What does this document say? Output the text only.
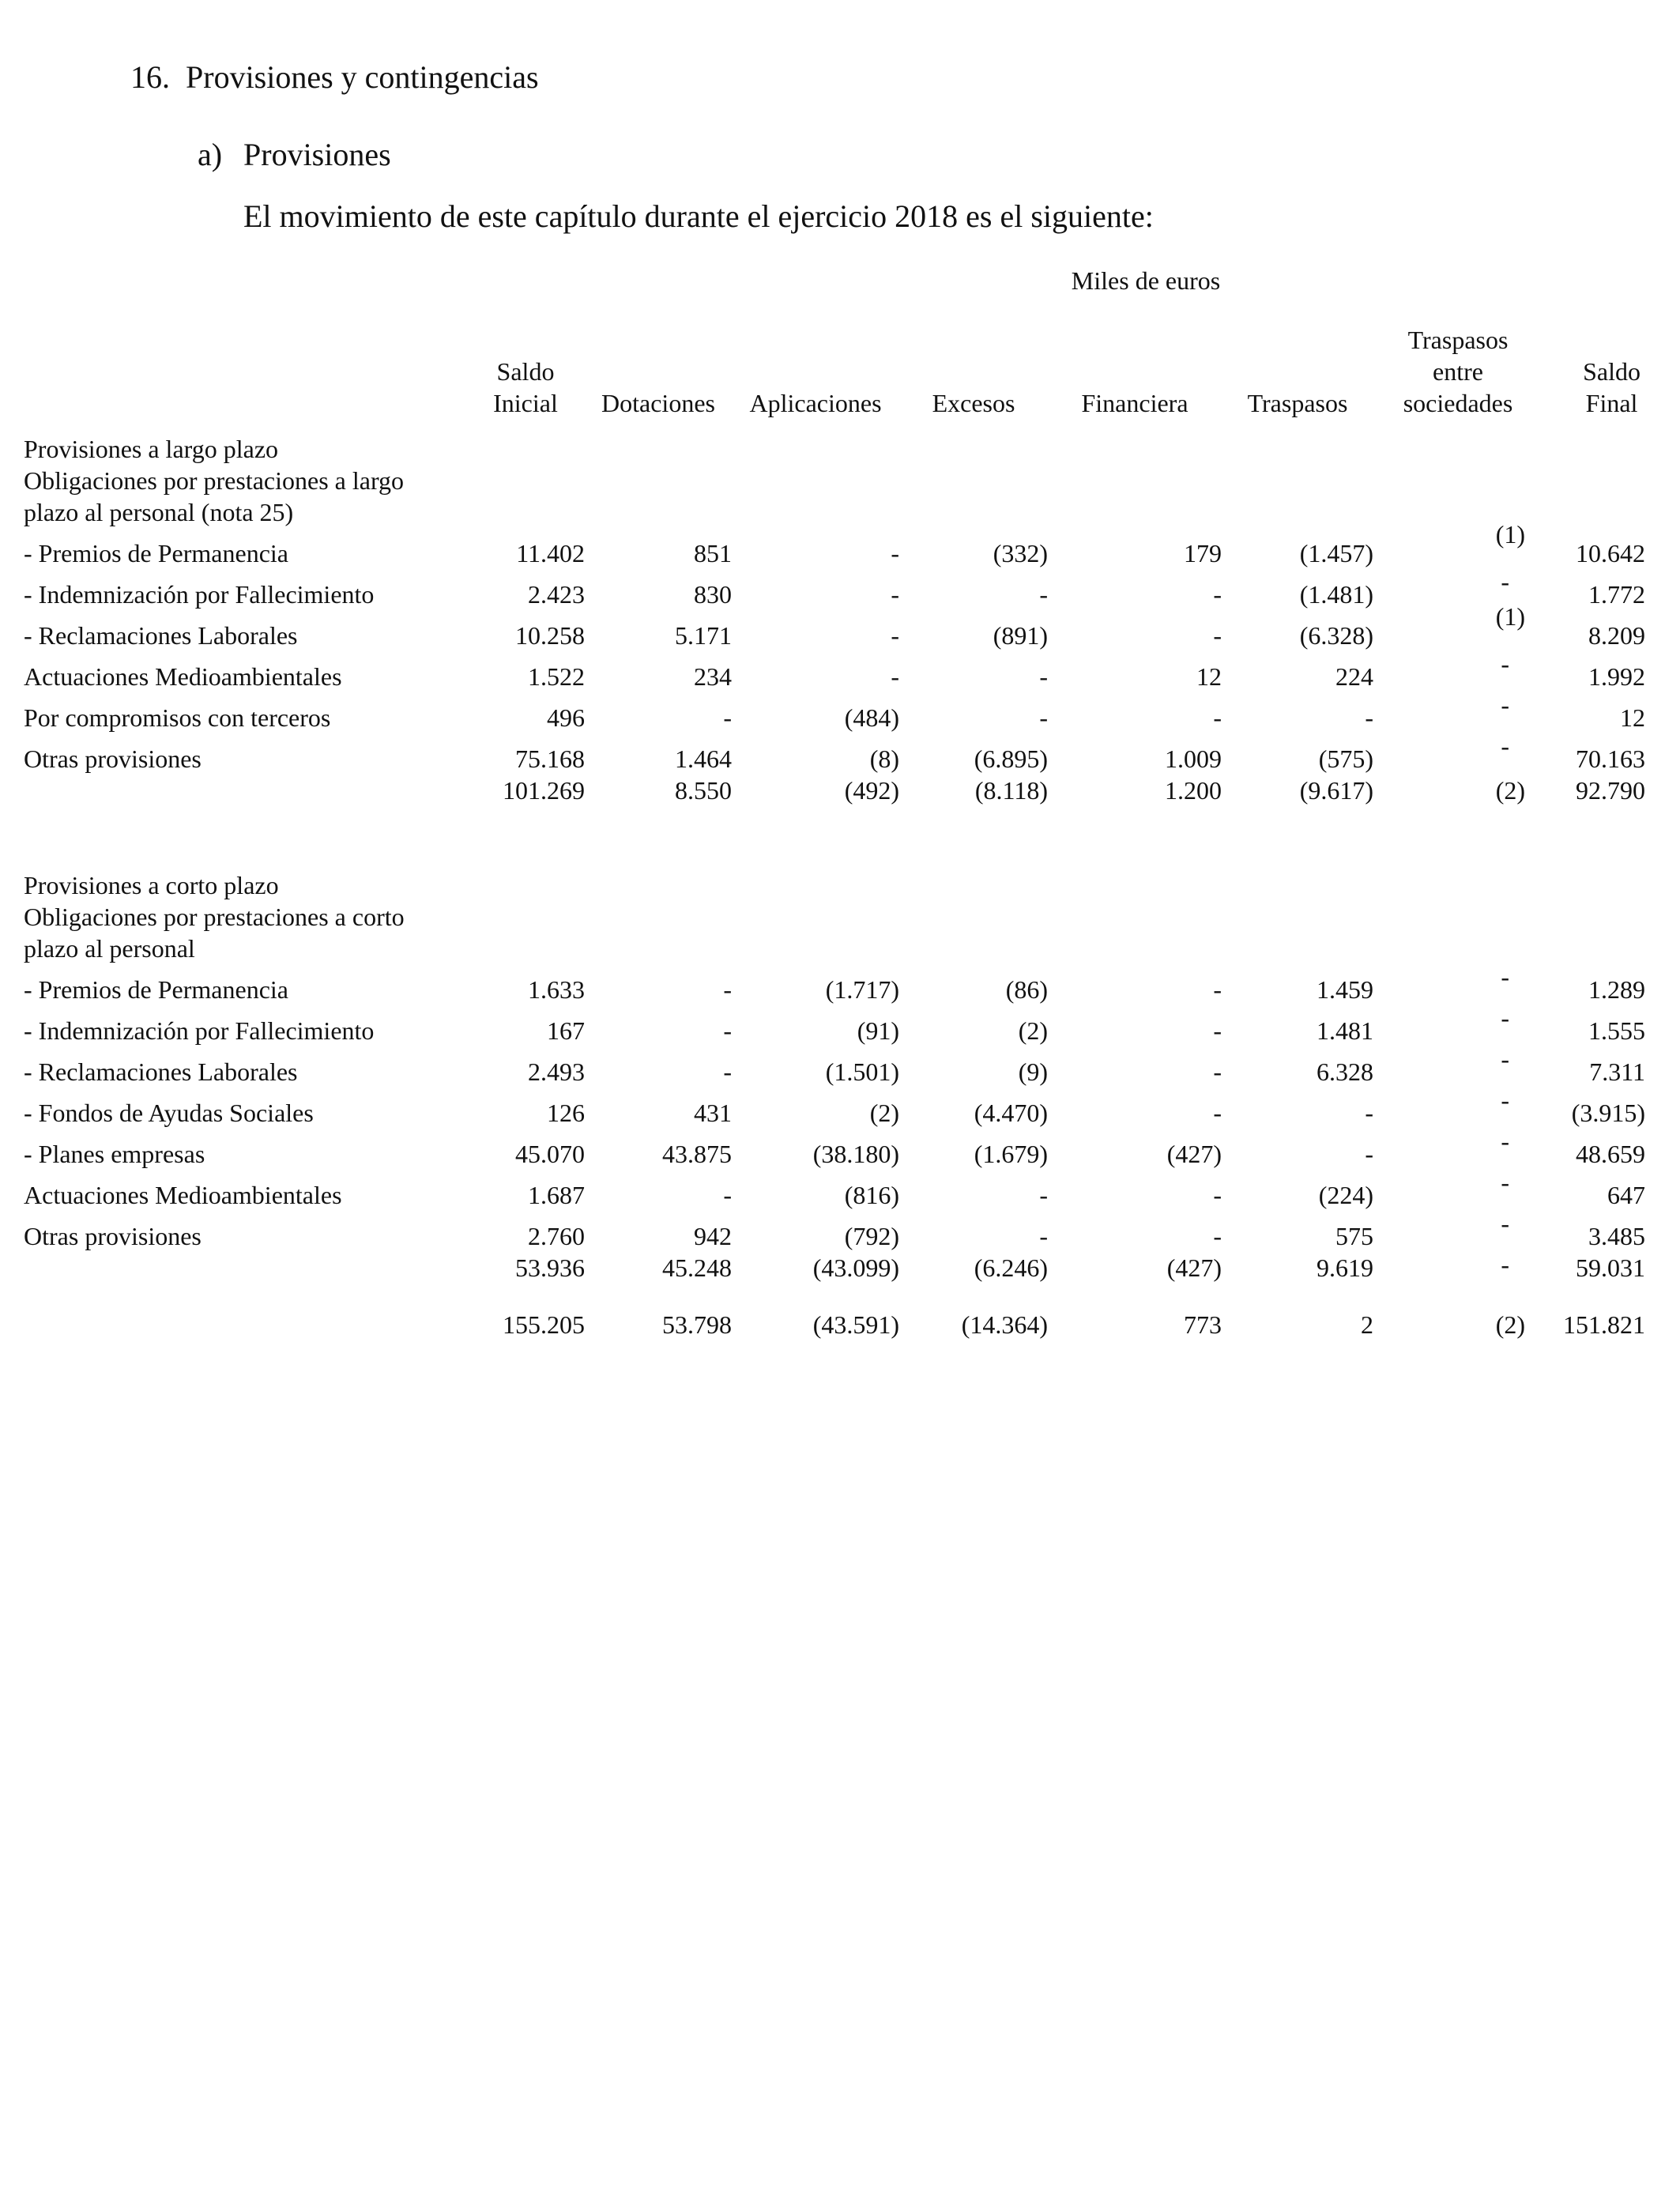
16. Provisiones y contingencias
a) Provisiones

El movimiento de este capítulo durante el ejercicio 2018 es el siguiente:

Miles de euros
	Saldo
Inicial	Dotaciones	Aplicaciones	Excesos	Financiera	Traspasos	Traspasos
entre
sociedades	Saldo
Final
Provisiones a largo plazo								

Obligaciones por prestaciones a largo
plazo al personal (nota 25)								

- Premios de Permanencia	11.402	851	-	(332)	179	(1.457)	(1)	10.642
- Indemnización por Fallecimiento	2.423	830	-	-	-	(1.481)	-	1.772
- Reclamaciones Laborales	10.258	5.171	-	(891)	-	(6.328)	(1)	8.209
Actuaciones Medioambientales	1.522	234	-	-	12	224	-	1.992
Por compromisos con terceros	496	-	(484)	-	-	-	-	12
Otras provisiones	75.168	1.464	(8)	(6.895)	1.009	(575)	-	70.163
	101.269	8.550	(492)	(8.118)	1.200	(9.617)	(2)	92.790

Provisiones a corto plazo								

Obligaciones por prestaciones a corto
plazo al personal								

- Premios de Permanencia	1.633	-	(1.717)	(86)	-	1.459	-	1.289
- Indemnización por Fallecimiento	167	-	(91)	(2)	-	1.481	-	1.555
- Reclamaciones Laborales	2.493	-	(1.501)	(9)	-	6.328	-	7.311
- Fondos de Ayudas Sociales	126	431	(2)	(4.470)	-	-	-	(3.915)
- Planes empresas	45.070	43.875	(38.180)	(1.679)	(427)	-	-	48.659
Actuaciones Medioambientales	1.687	-	(816)	-	-	(224)	-	647
Otras provisiones	2.760	942	(792)	-	-	575	-	3.485
	53.936	45.248	(43.099)	(6.246)	(427)	9.619	-	59.031

	155.205	53.798	(43.591)	(14.364)	773	2	(2)	151.821
